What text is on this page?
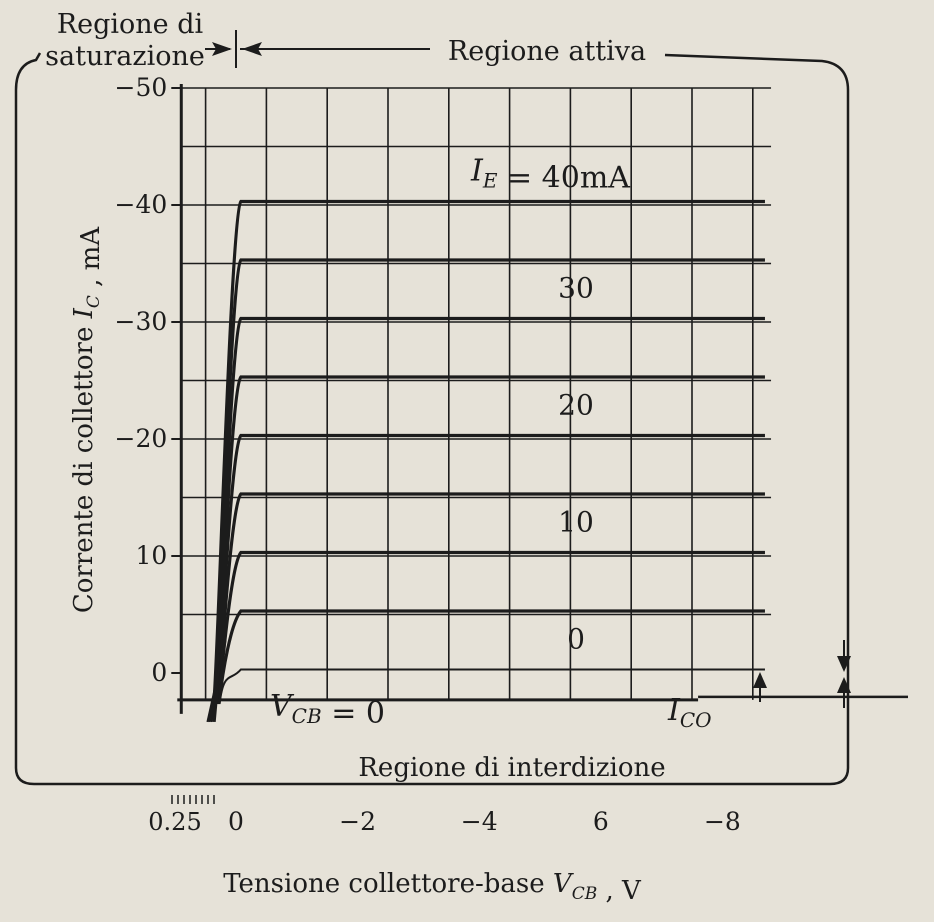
0
10
−20
−30
−40
−50
0	−2	−4	6	−8
0.25
0
10
20
30
$I_E = 40mA$
Regione di
saturazione	Regione attiva
Regione di interdizione
$V_{CB} = 0$	$I_{CO}$
Corrente di collettore $I_C$ , mA
Tensione collettore-base $V_{CB}$ , V
